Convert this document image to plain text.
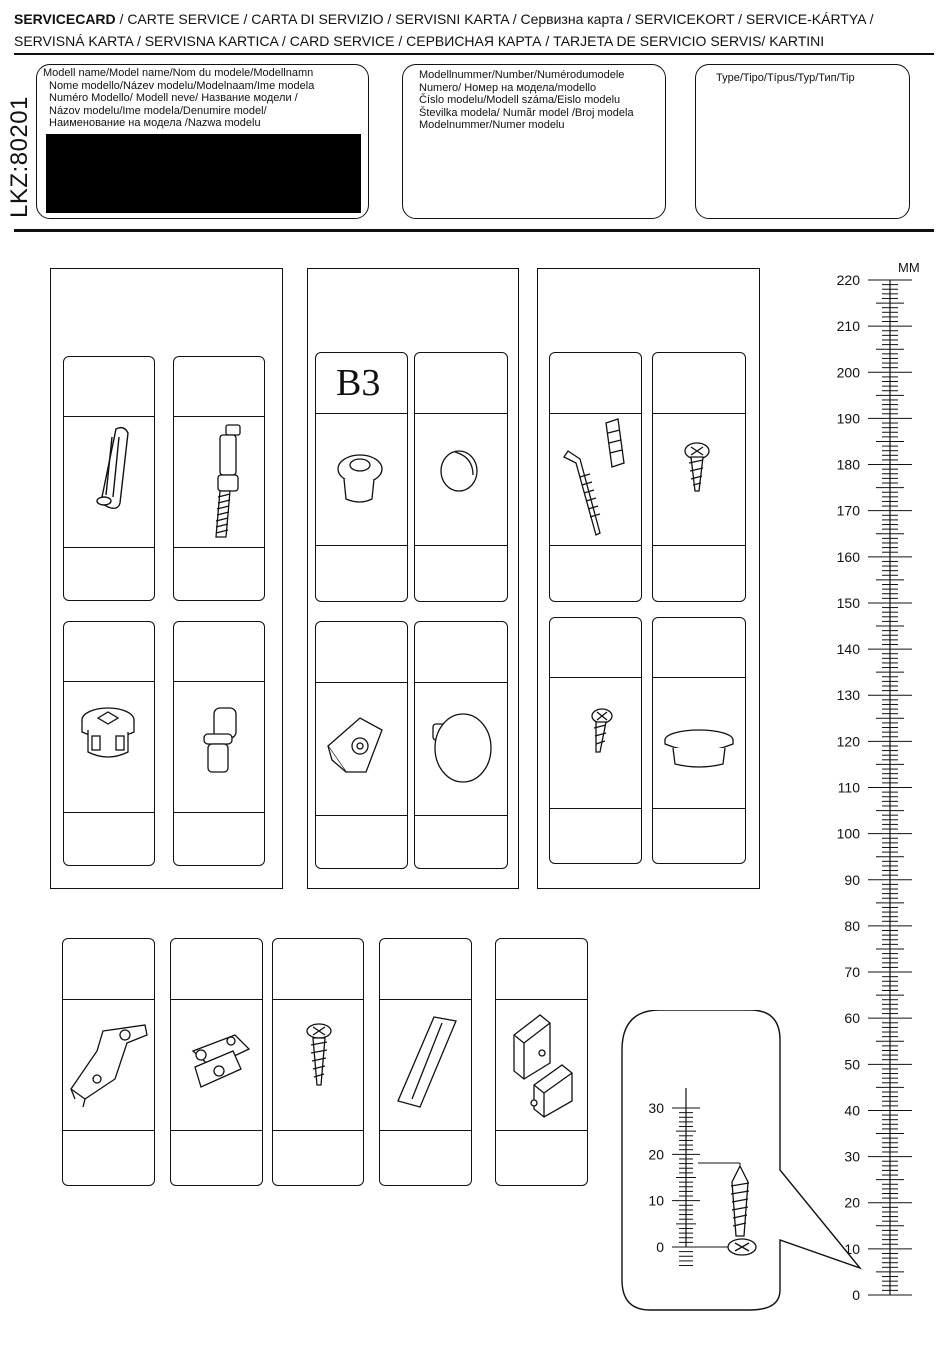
SERVICECARD / CARTE SERVICE / CARTA DI SERVIZIO / SERVISNI KARTA / Сервизна карта / SERVICEKORT / SERVICE-KÁRTYA /
SERVISNÁ KARTA / SERVISNA KARTICA / CARD SERVICE / СЕРВИСНАЯ КАРТА / TARJETA DE SERVICIO SERVIS/ KARTINI
LKZ:80201
Modell name/Model name/Nom du modele/Modellnamn
Nome modello/Název modelu/Modelnaam/Ime modela
Numéro Modello/ Modell neve/ Название модели /
Názov modelu/Ime modela/Denumire model/
Наименование на модела /Nazwa modelu
Modellnummer/Number/Numérodumodele
Numero/ Номер на модела/modello
Číslo modelu/Modell száma/Eislo modelu
Številka modela/ Numãr model /Broj modela
Modelnummer/Numer modelu
Type/Tipo/Típus/Typ/Тип/Tip
B3
MM
0
10
20
30
40
50
60
70
80
90
100
110
120
130
140
150
160
170
180
190
200
210
220
0
10
20
30
